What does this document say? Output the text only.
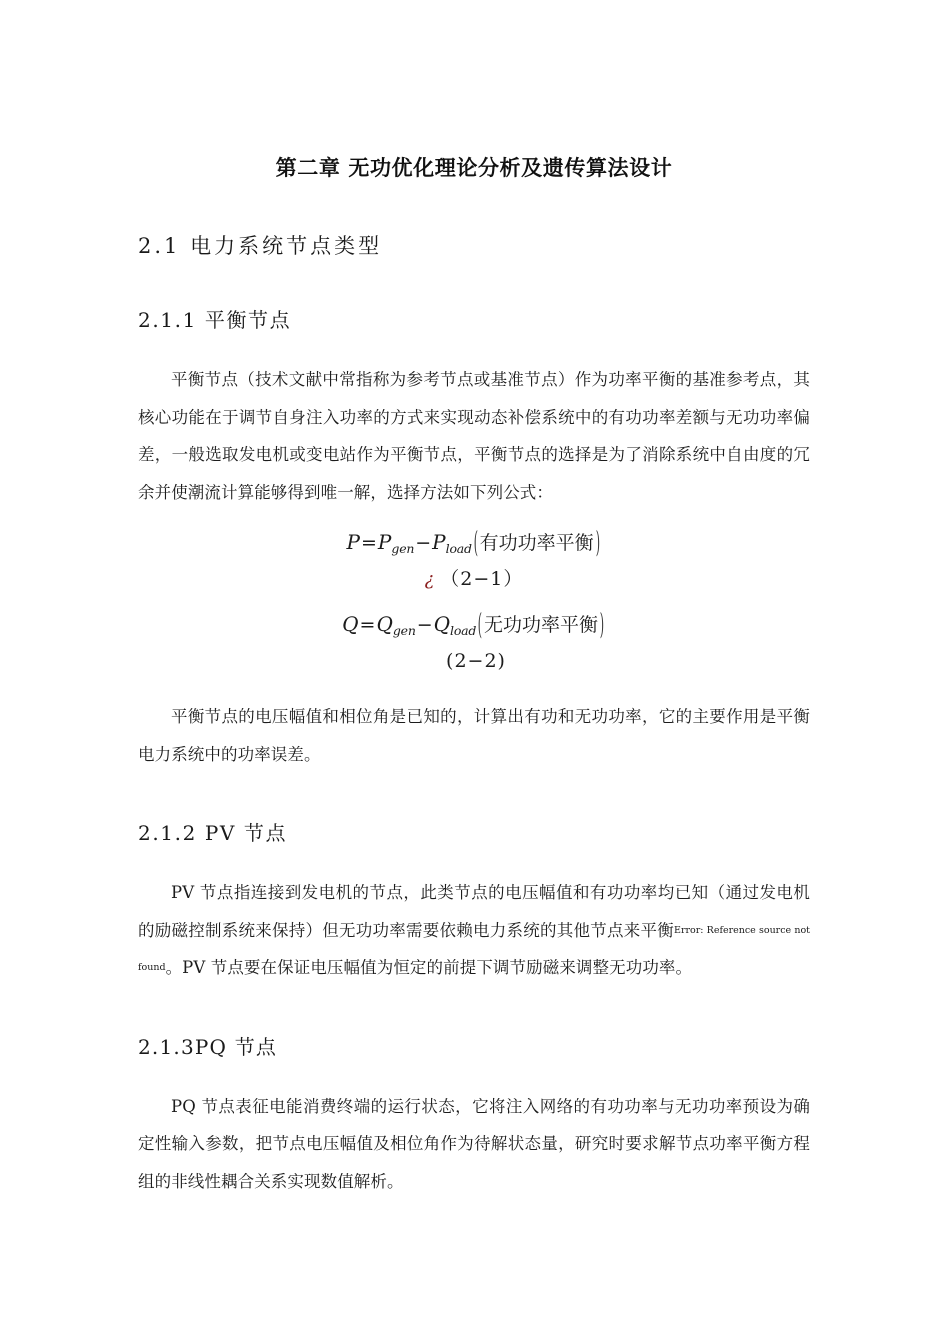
第二章 无功优化理论分析及遗传算法设计
2.1 电力系统节点类型
2.1.1 平衡节点

平衡节点（技术文献中常指称为参考节点或基准节点）作为功率平衡的基准参考点，其核心功能在于调节自身注入功率的方式来实现动态补偿系统中的有功功率差额与无功功率偏差，一般选取发电机或变电站作为平衡节点，平衡节点的选择是为了消除系统中自由度的冗余并使潮流计算能够得到唯一解，选择方法如下列公式：

$P=P_{gen}-P_{load}$(有功功率平衡)
¿ （2−1）
$Q=Q_{gen}-Q_{load}$(无功功率平衡)
(2−2)

平衡节点的电压幅值和相位角是已知的，计算出有功和无功功率，它的主要作用是平衡电力系统中的功率误差。

2.1.2 PV 节点

PV 节点指连接到发电机的节点，此类节点的电压幅值和有功功率均已知（通过发电机的励磁控制系统来保持）但无功功率需要依赖电力系统的其他节点来平衡Error: Reference source not found。PV 节点要在保证电压幅值为恒定的前提下调节励磁来调整无功功率。

2.1.3PQ 节点

PQ 节点表征电能消费终端的运行状态，它将注入网络的有功功率与无功功率预设为确定性输入参数，把节点电压幅值及相位角作为待解状态量，研究时要求解节点功率平衡方程组的非线性耦合关系实现数值解析。
